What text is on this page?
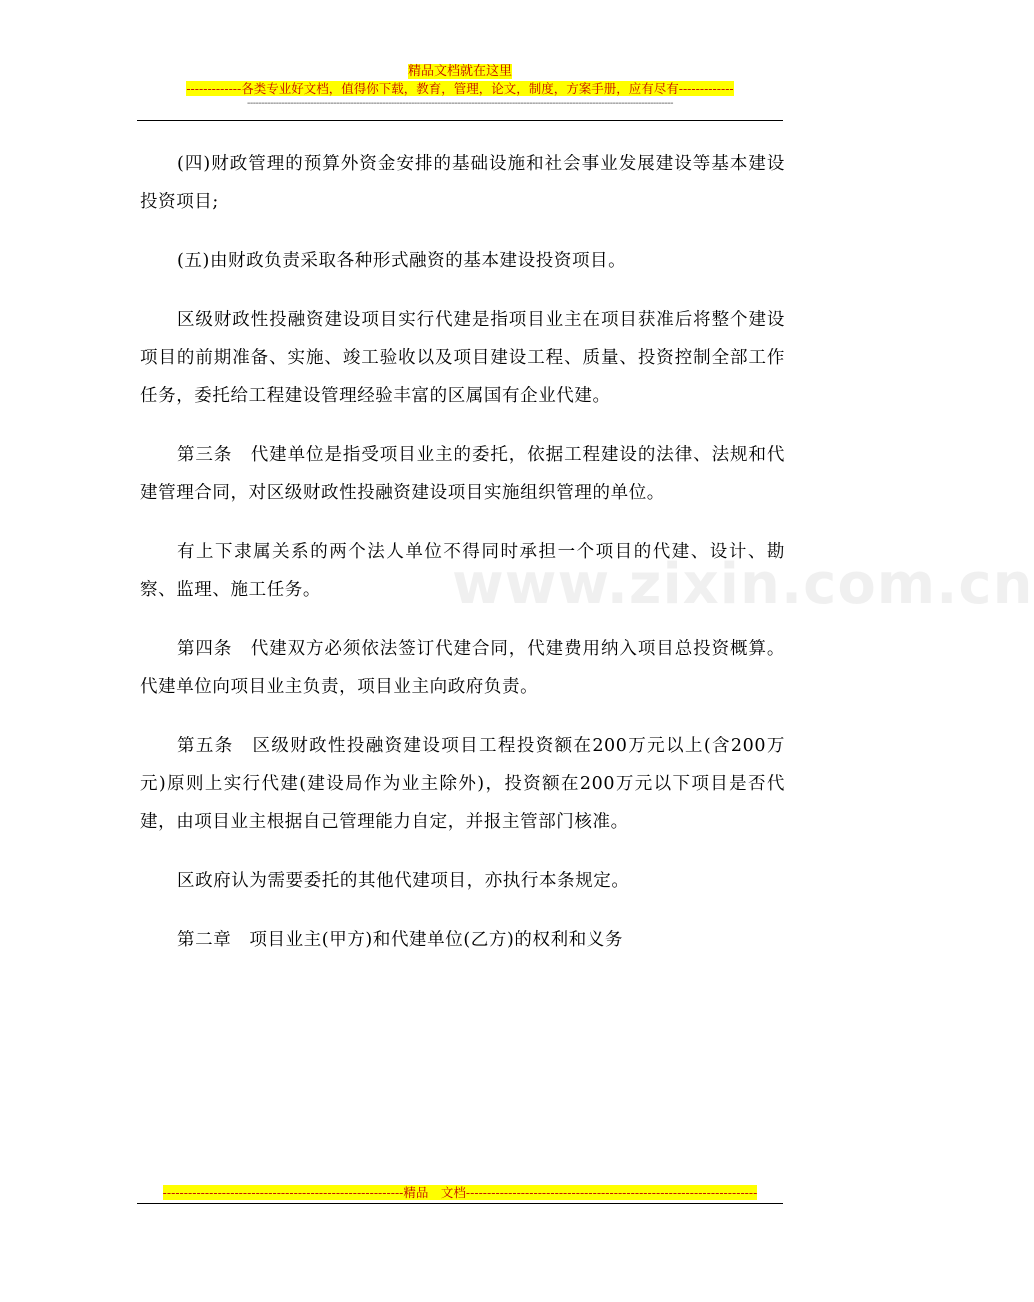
精品文档就在这里
-------------各类专业好文档，值得你下载，教育，管理，论文，制度，方案手册，应有尽有-------------
----------------------------------------------------------------------------------------------------------------------------------------------------
www.zixin.com.cn

(四)财政管理的预算外资金安排的基础设施和社会事业发展建设等基本建设投资项目;

(五)由财政负责采取各种形式融资的基本建设投资项目。

区级财政性投融资建设项目实行代建是指项目业主在项目获准后将整个建设项目的前期准备、实施、竣工验收以及项目建设工程、质量、投资控制全部工作任务，委托给工程建设管理经验丰富的区属国有企业代建。

第三条　代建单位是指受项目业主的委托，依据工程建设的法律、法规和代建管理合同，对区级财政性投融资建设项目实施组织管理的单位。

有上下隶属关系的两个法人单位不得同时承担一个项目的代建、设计、勘察、监理、施工任务。

第四条　代建双方必须依法签订代建合同，代建费用纳入项目总投资概算。代建单位向项目业主负责，项目业主向政府负责。

第五条　区级财政性投融资建设项目工程投资额在200万元以上(含200万元)原则上实行代建(建设局作为业主除外)，投资额在200万元以下项目是否代建，由项目业主根据自己管理能力自定，并报主管部门核准。

区政府认为需要委托的其他代建项目，亦执行本条规定。

第二章　项目业主(甲方)和代建单位(乙方)的权利和义务

---------------------------------------------------------精品　文档---------------------------------------------------------------------
